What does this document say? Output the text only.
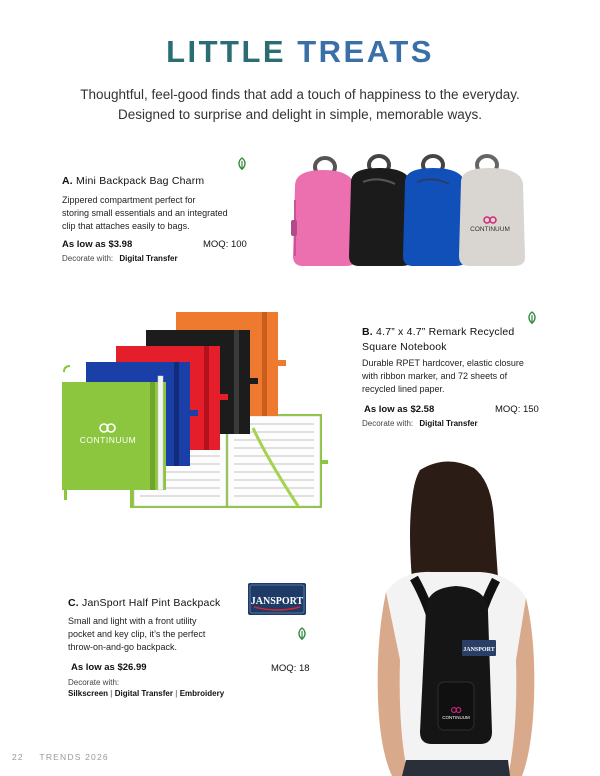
LITTLE TREATS
Thoughtful, feel-good finds that add a touch of happiness to the everyday.
Designed to surprise and delight in simple, memorable ways.
A. Mini Backpack Bag Charm
Zippered compartment perfect for
storing small essentials and an integrated
clip that attaches easily to bags.
As low as $3.98	MOQ: 100
Decorate with: Digital Transfer
CONTINUUM
CONTINUUM
B. 4.7” x 4.7” Remark Recycled
Square Notebook
Durable RPET hardcover, elastic closure
with ribbon marker, and 72 sheets of
recycled lined paper.
As low as $2.58	MOQ: 150
Decorate with: Digital Transfer
JANSPORT
C. JanSport Half Pint Backpack
Small and light with a front utility
pocket and key clip, it’s the perfect
throw-on-and-go backpack.
As low as $26.99	MOQ: 18
Decorate with:
Silkscreen | Digital Transfer | Embroidery
JANSPORT
CONTINUUM
22 TRENDS 2026
